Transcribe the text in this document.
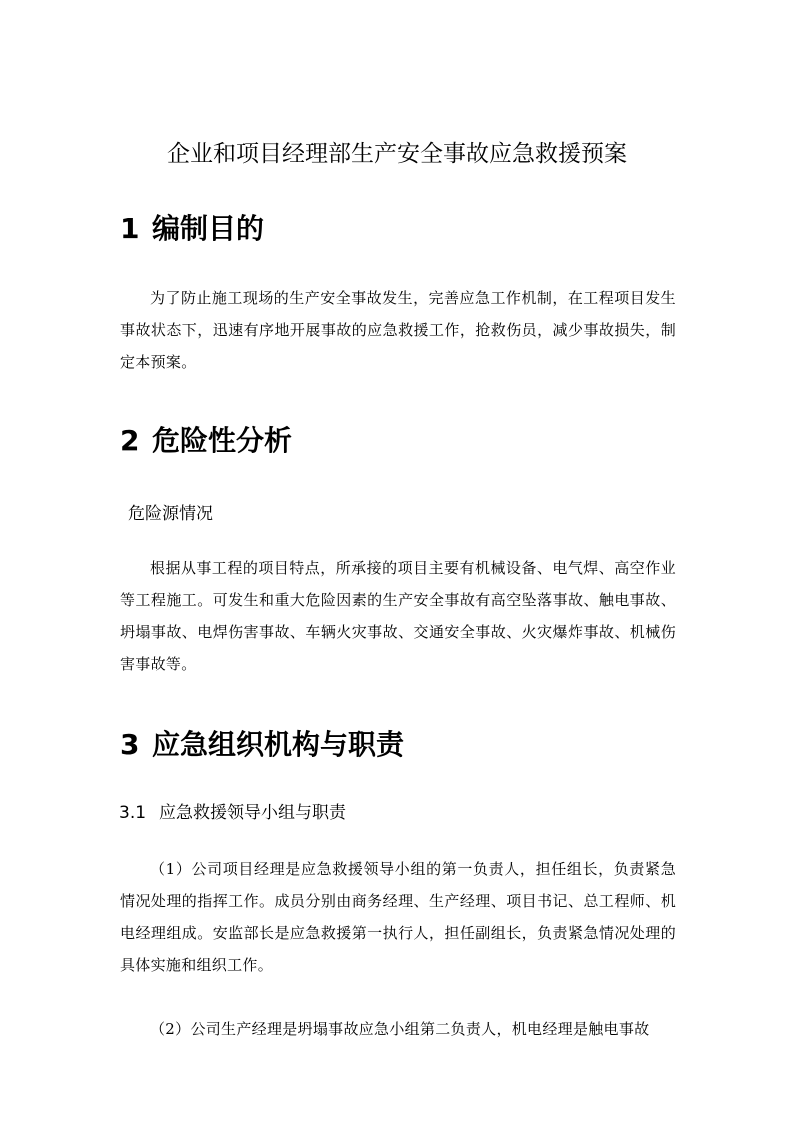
企业和项目经理部生产安全事故应急救援预案
1 编制目的

为了防止施工现场的生产安全事故发生，完善应急工作机制，在工程项目发生事故状态下，迅速有序地开展事故的应急救援工作，抢救伤员，减少事故损失，制定本预案。

2 危险性分析
危险源情况

根据从事工程的项目特点，所承接的项目主要有机械设备、电气焊、高空作业等工程施工。可发生和重大危险因素的生产安全事故有高空坠落事故、触电事故、坍塌事故、电焊伤害事故、车辆火灾事故、交通安全事故、火灾爆炸事故、机械伤害事故等。

3 应急组织机构与职责
3.1 应急救援领导小组与职责

（1）公司项目经理是应急救援领导小组的第一负责人，担任组长，负责紧急情况处理的指挥工作。成员分别由商务经理、生产经理、项目书记、总工程师、机电经理组成。安监部长是应急救援第一执行人，担任副组长，负责紧急情况处理的具体实施和组织工作。

（2）公司生产经理是坍塌事故应急小组第二负责人，机电经理是触电事故
